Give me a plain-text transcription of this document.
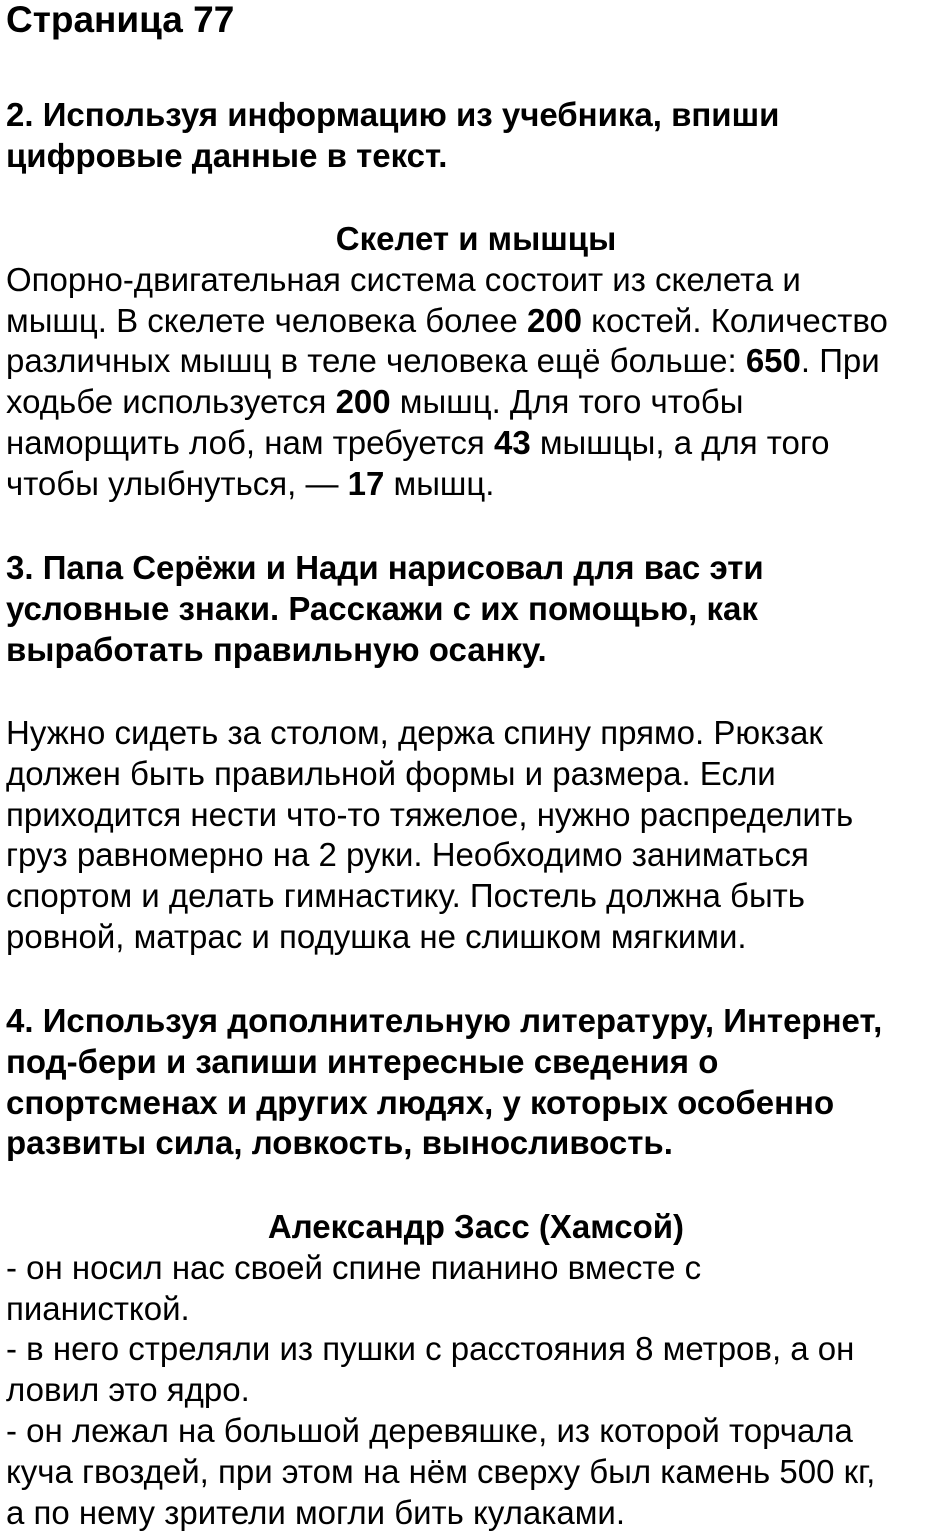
Страница 77
2. Используя информацию из учебника, впиши
цифровые данные в текст.
Скелет и мышцы
Опорно-двигательная система состоит из скелета и
мышц. В скелете человека более 200 костей. Количество
различных мышц в теле человека ещё больше: 650. При
ходьбе используется 200 мышц. Для того чтобы
наморщить лоб, нам требуется 43 мышцы, а для того
чтобы улыбнуться, — 17 мышц.
3. Папа Серёжи и Нади нарисовал для вас эти
условные знаки. Расскажи с их помощью, как
выработать правильную осанку.
Нужно сидеть за столом, держа спину прямо. Рюкзак
должен быть правильной формы и размера. Если
приходится нести что-то тяжелое, нужно распределить
груз равномерно на 2 руки. Необходимо заниматься
спортом и делать гимнастику. Постель должна быть
ровной, матрас и подушка не слишком мягкими.
4. Используя дополнительную литературу, Интернет,
под-бери и запиши интересные сведения о
спортсменах и других людях, у которых особенно
развиты сила, ловкость, выносливость.
Александр Засс (Хамсой)
- он носил нас своей спине пианино вместе с
пианисткой.
- в него стреляли из пушки с расстояния 8 метров, а он
ловил это ядро.
- он лежал на большой деревяшке, из которой торчала
куча гвоздей, при этом на нём сверху был камень 500 кг,
а по нему зрители могли бить кулаками.
